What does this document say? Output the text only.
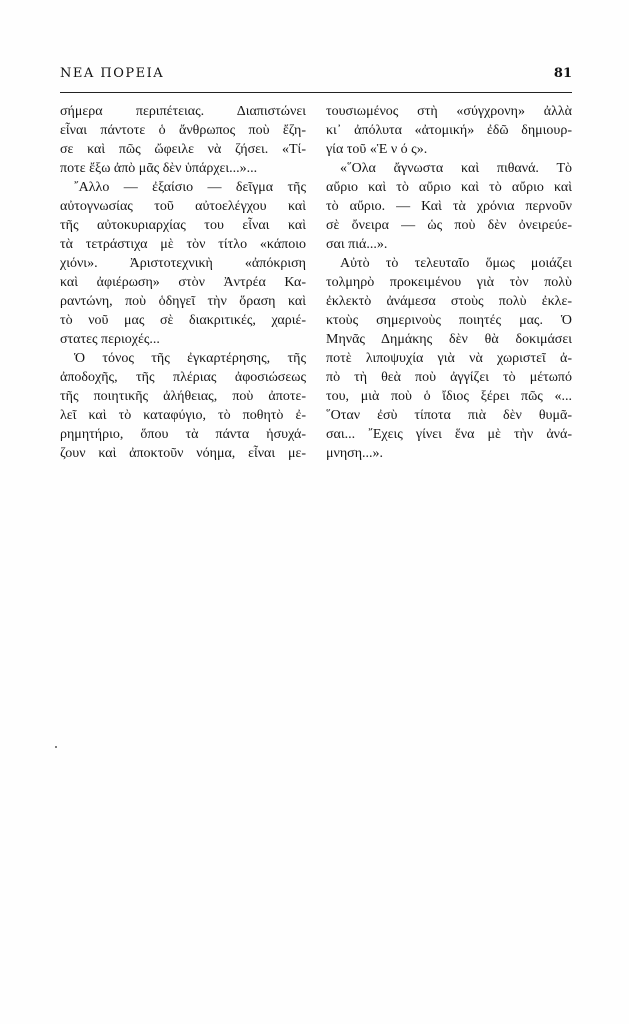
ΝΕΑ ΠΟΡΕΙΑ	81
σήμερα περιπέτειας. Διαπιστώνει
εἶναι πάντοτε ὁ ἄνθρωπος ποὺ ἔζη-
σε καὶ πῶς ὤφειλε νὰ ζήσει. «Τί-
ποτε ἔξω ἀπὸ μᾶς δὲν ὑπάρχει...»...
῎Αλλο — ἐξαίσιο — δεῖγμα τῆς
αὐτογνωσίας τοῦ αὐτοελέγχου καὶ
τῆς αὐτοκυριαρχίας του εἶναι καὶ
τὰ τετράστιχα μὲ τὸν τίτλο «κάποιο
χιόνι». Ἀριστοτεχνικὴ «ἀπόκριση
καὶ ἀφιέρωση» στὸν Ἀντρέα Κα-
ραντώνη, ποὺ ὁδηγεῖ τὴν ὅραση καὶ
τὸ νοῦ μας σὲ διακριτικές, χαριέ-
στατες περιοχές...
Ὁ τόνος τῆς ἐγκαρτέρησης, τῆς
ἀποδοχῆς, τῆς πλέριας ἀφοσιώσεως
τῆς ποιητικῆς ἀλήθειας, ποὺ ἀποτε-
λεῖ καὶ τὸ καταφύγιο, τὸ ποθητὸ ἐ-
ρημητήριο, ὅπου τὰ πάντα ἡσυχά-
ζουν καὶ ἀποκτοῦν νόημα, εἶναι με-
τουσιωμένος στὴ «σύγχρονη» ἀλλὰ
κι᾽ ἀπόλυτα «ἀτομική» ἐδῶ δημιουρ-
γία τοῦ «Ἑ ν ό ς».
«῞Ολα ἄγνωστα καὶ πιθανά. Τὸ
αὔριο καὶ τὸ αὔριο καὶ τὸ αὔριο καὶ
τὸ αὔριο. — Καὶ τὰ χρόνια περνοῦν
σὲ ὄνειρα — ὡς ποὺ δὲν ὀνειρεύε-
σαι πιά...».
Αὐτὸ τὸ τελευταῖο ὅμως μοιάζει
τολμηρὸ προκειμένου γιὰ τὸν πολὺ
ἐκλεκτὸ ἀνάμεσα στοὺς πολὺ ἐκλε-
κτοὺς σημερινοὺς ποιητές μας. Ὁ
Μηνᾶς Δημάκης δὲν θὰ δοκιμάσει
ποτὲ λιποψυχία γιὰ νὰ χωριστεῖ ἀ-
πὸ τὴ θεὰ ποὺ ἀγγίζει τὸ μέτωπό
του, μιὰ ποὺ ὁ ἴδιος ξέρει πῶς «...
῞Οταν ἐσὺ τίποτα πιὰ δὲν θυμᾶ-
σαι... ῎Εχεις γίνει ἕνα μὲ τὴν ἀνά-
μνηση...».
